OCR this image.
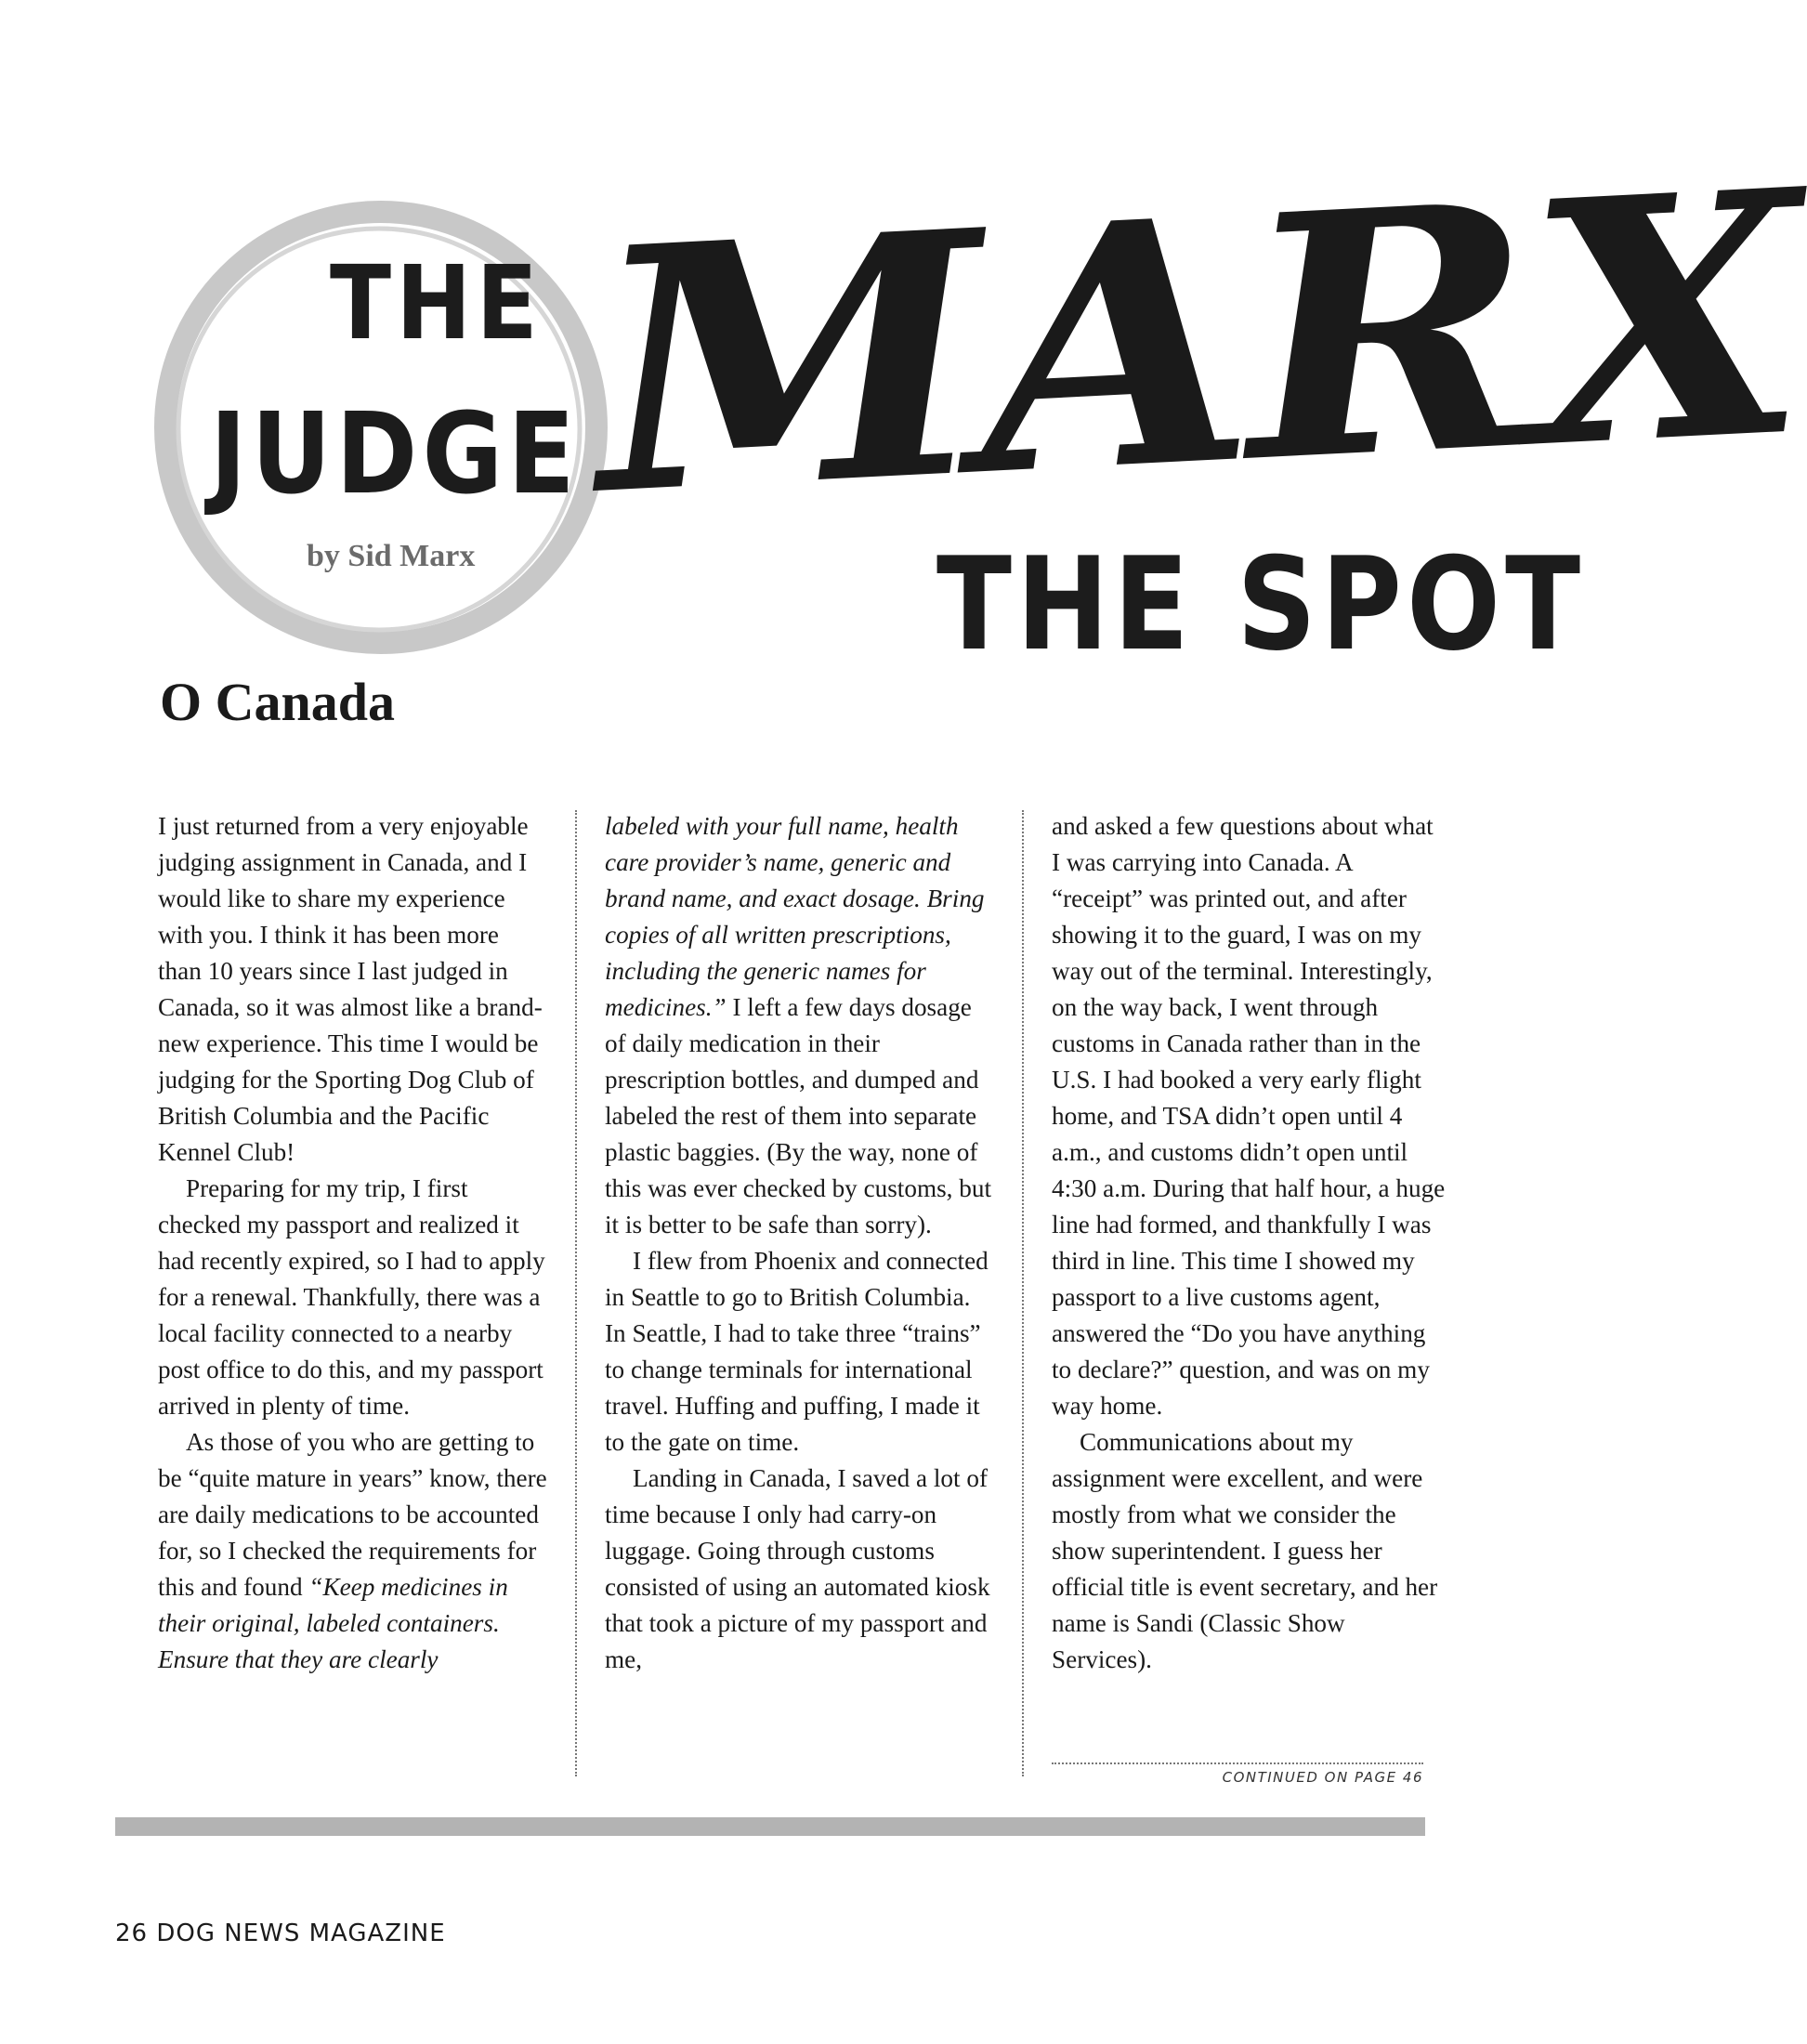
THE
JUDGE
by Sid Marx MARX
THE SPOT
O Canada

I just returned from a very enjoyable judging assignment in Canada, and I would like to share my experience with you. I think it has been more than 10 years since I last judged in Canada, so it was almost like a brand-new experience. This time I would be judging for the Sporting Dog Club of British Columbia and the Pacific Kennel Club!

Preparing for my trip, I first checked my passport and realized it had recently expired, so I had to apply for a renewal. Thankfully, there was a local facility connected to a nearby post office to do this, and my passport arrived in plenty of time.

As those of you who are getting to be “quite mature in years” know, there are daily medications to be accounted for, so I checked the requirements for this and found “Keep medicines in their original, labeled containers. Ensure that they are clearly

labeled with your full name, health care provider’s name, generic and brand name, and exact dosage. Bring copies of all written prescriptions, including the generic names for medicines.” I left a few days dosage of daily medication in their prescription bottles, and dumped and labeled the rest of them into separate plastic baggies. (By the way, none of this was ever checked by customs, but it is better to be safe than sorry).

I flew from Phoenix and connected in Seattle to go to British Columbia. In Seattle, I had to take three “trains” to change terminals for international travel. Huffing and puffing, I made it to the gate on time.

Landing in Canada, I saved a lot of time because I only had carry-on luggage. Going through customs consisted of using an automated kiosk that took a picture of my passport and me,

and asked a few questions about what I was carrying into Canada. A “receipt” was printed out, and after showing it to the guard, I was on my way out of the terminal. Interestingly, on the way back, I went through customs in Canada rather than in the U.S. I had booked a very early flight home, and TSA didn’t open until 4 a.m., and customs didn’t open until 4:30 a.m. During that half hour, a huge line had formed, and thankfully I was third in line. This time I showed my passport to a live customs agent, answered the “Do you have anything to declare?” question, and was on my way home.

Communications about my assignment were excellent, and were mostly from what we consider the show superintendent. I guess her official title is event secretary, and her name is Sandi (Classic Show Services).

CONTINUED ON PAGE 46
26 DOG NEWS MAGAZINE
